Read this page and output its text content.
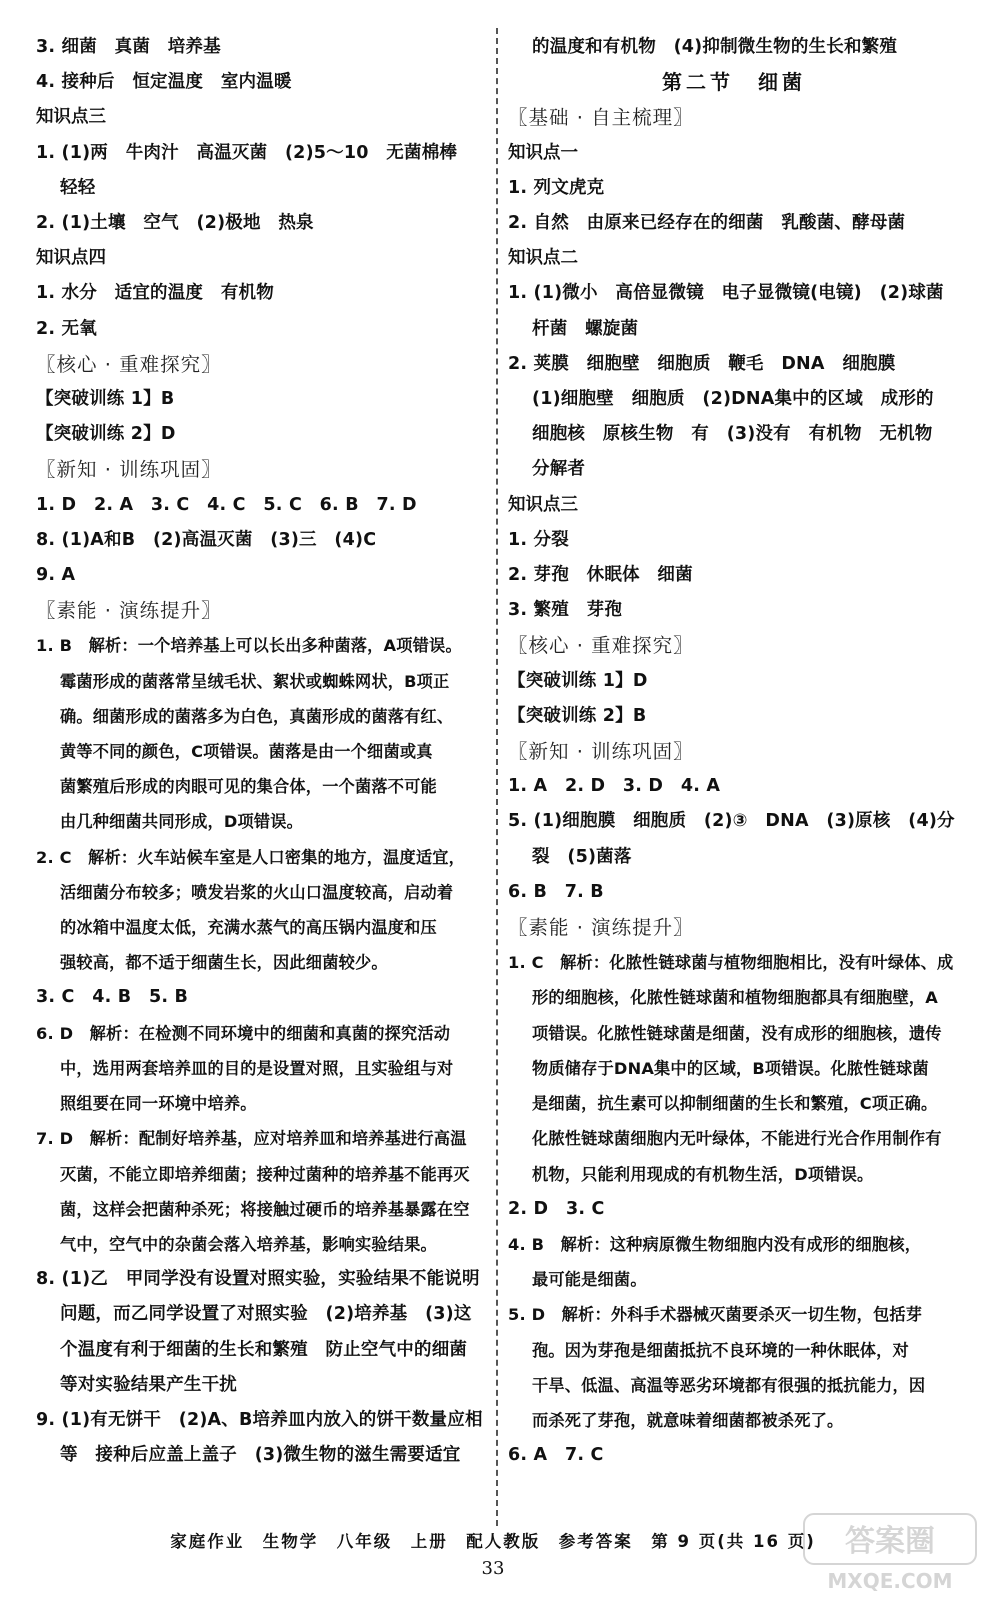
3. 细菌　真菌　培养基
4. 接种后　恒定温度　室内温暖
知识点三
1. (1)两　牛肉汁　高温灭菌　(2)5～10　无菌棉棒
轻轻
2. (1)土壤　空气　(2)极地　热泉
知识点四
1. 水分　适宜的温度　有机物
2. 无氧
〖核心 · 重难探究〗
【突破训练 1】B
【突破训练 2】D
〖新知 · 训练巩固〗
1. D　2. A　3. C　4. C　5. C　6. B　7. D
8. (1)A和B　(2)高温灭菌　(3)三　(4)C
9. A
〖素能 · 演练提升〗
1. B　解析：一个培养基上可以长出多种菌落，A项错误。
霉菌形成的菌落常呈绒毛状、絮状或蜘蛛网状，B项正
确。细菌形成的菌落多为白色，真菌形成的菌落有红、
黄等不同的颜色，C项错误。菌落是由一个细菌或真
菌繁殖后形成的肉眼可见的集合体，一个菌落不可能
由几种细菌共同形成，D项错误。
2. C　解析：火车站候车室是人口密集的地方，温度适宜，
活细菌分布较多；喷发岩浆的火山口温度较高，启动着
的冰箱中温度太低，充满水蒸气的高压锅内温度和压
强较高，都不适于细菌生长，因此细菌较少。
3. C　4. B　5. B
6. D　解析：在检测不同环境中的细菌和真菌的探究活动
中，选用两套培养皿的目的是设置对照，且实验组与对
照组要在同一环境中培养。
7. D　解析：配制好培养基，应对培养皿和培养基进行高温
灭菌，不能立即培养细菌；接种过菌种的培养基不能再灭
菌，这样会把菌种杀死；将接触过硬币的培养基暴露在空
气中，空气中的杂菌会落入培养基，影响实验结果。
8. (1)乙　甲同学没有设置对照实验，实验结果不能说明
问题，而乙同学设置了对照实验　(2)培养基　(3)这
个温度有利于细菌的生长和繁殖　防止空气中的细菌
等对实验结果产生干扰
9. (1)有无饼干　(2)A、B培养皿内放入的饼干数量应相
等　接种后应盖上盖子　(3)微生物的滋生需要适宜
的温度和有机物　(4)抑制微生物的生长和繁殖
第二节　细菌
〖基础 · 自主梳理〗
知识点一
1. 列文虎克
2. 自然　由原来已经存在的细菌　乳酸菌、酵母菌
知识点二
1. (1)微小　高倍显微镜　电子显微镜(电镜)　(2)球菌
杆菌　螺旋菌
2. 荚膜　细胞壁　细胞质　鞭毛　DNA　细胞膜
(1)细胞壁　细胞质　(2)DNA集中的区域　成形的
细胞核　原核生物　有　(3)没有　有机物　无机物
分解者
知识点三
1. 分裂
2. 芽孢　休眠体　细菌
3. 繁殖　芽孢
〖核心 · 重难探究〗
【突破训练 1】D
【突破训练 2】B
〖新知 · 训练巩固〗
1. A　2. D　3. D　4. A
5. (1)细胞膜　细胞质　(2)③　DNA　(3)原核　(4)分
裂　(5)菌落
6. B　7. B
〖素能 · 演练提升〗
1. C　解析：化脓性链球菌与植物细胞相比，没有叶绿体、成
形的细胞核，化脓性链球菌和植物细胞都具有细胞壁，A
项错误。化脓性链球菌是细菌，没有成形的细胞核，遗传
物质储存于DNA集中的区域，B项错误。化脓性链球菌
是细菌，抗生素可以抑制细菌的生长和繁殖，C项正确。
化脓性链球菌细胞内无叶绿体，不能进行光合作用制作有
机物，只能利用现成的有机物生活，D项错误。
2. D　3. C
4. B　解析：这种病原微生物细胞内没有成形的细胞核，
最可能是细菌。
5. D　解析：外科手术器械灭菌要杀灭一切生物，包括芽
孢。因为芽孢是细菌抵抗不良环境的一种休眠体，对
干旱、低温、高温等恶劣环境都有很强的抵抗能力，因
而杀死了芽孢，就意味着细菌都被杀死了。
6. A　7. C
家庭作业　生物学　八年级　上册　配人教版　参考答案　第 9 页(共 16 页)
33
答案圈
MXQE.COM
